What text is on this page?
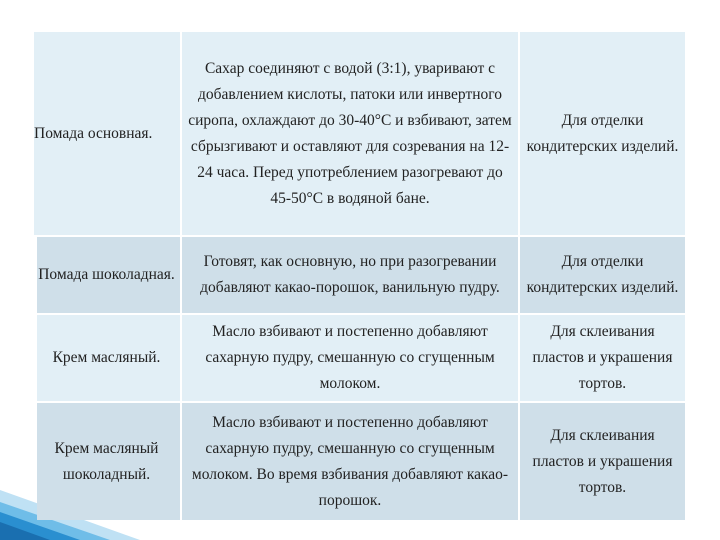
Помада основная.
Сахар соединяют с водой (3:1), уваривают с добавлением кислоты, патоки или инвертного сиропа, охлаждают до 30-40°С и взбивают, затем сбрызгивают и оставляют для созревания на 12-24 часа. Перед употреблением разогревают до 45-50°С в водяной бане.
Для отделки кондитерских изделий.
Помада шоколадная.
Готовят, как основную, но при разогревании добавляют какао-порошок, ванильную пудру.
Для отделки кондитерских изделий.
Крем масляный.
Масло взбивают и постепенно добавляют сахарную пудру, смешанную со сгущенным молоком.
Для склеивания пластов и украшения тортов.
Крем масляный шоколадный.
Масло взбивают и постепенно добавляют сахарную пудру, смешанную со сгущенным молоком. Во время взбивания добавляют какао-порошок.
Для склеивания пластов и украшения тортов.
